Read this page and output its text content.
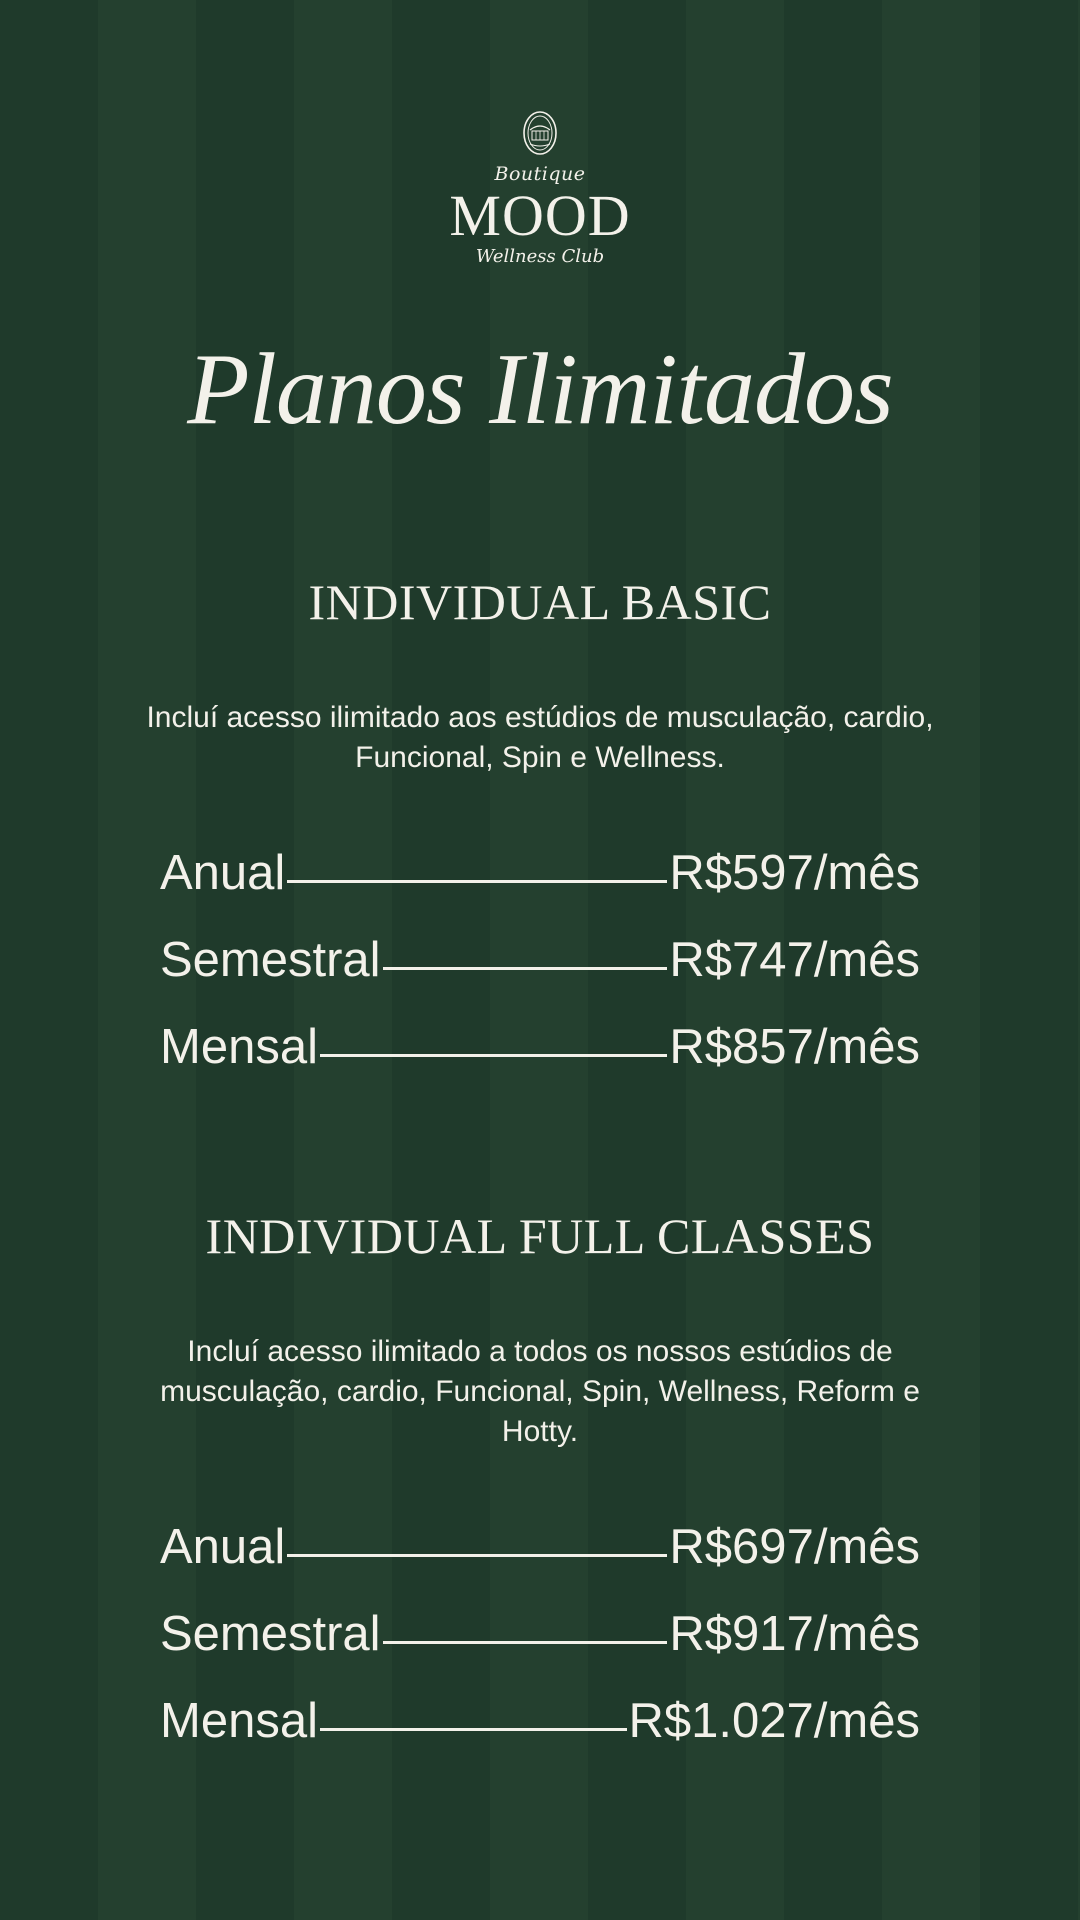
Boutique
MOOD
Wellness Club
Planos Ilimitados
INDIVIDUAL BASIC
Incluí acesso ilimitado aos estúdios de musculação, cardio, Funcional, Spin e Wellness.
Anual	R$597/mês
Semestral	R$747/mês
Mensal	R$857/mês
INDIVIDUAL FULL CLASSES
Incluí acesso ilimitado a todos os nossos estúdios de musculação, cardio, Funcional, Spin, Wellness, Reform e Hotty.
Anual	R$697/mês
Semestral	R$917/mês
Mensal	R$1.027/mês
